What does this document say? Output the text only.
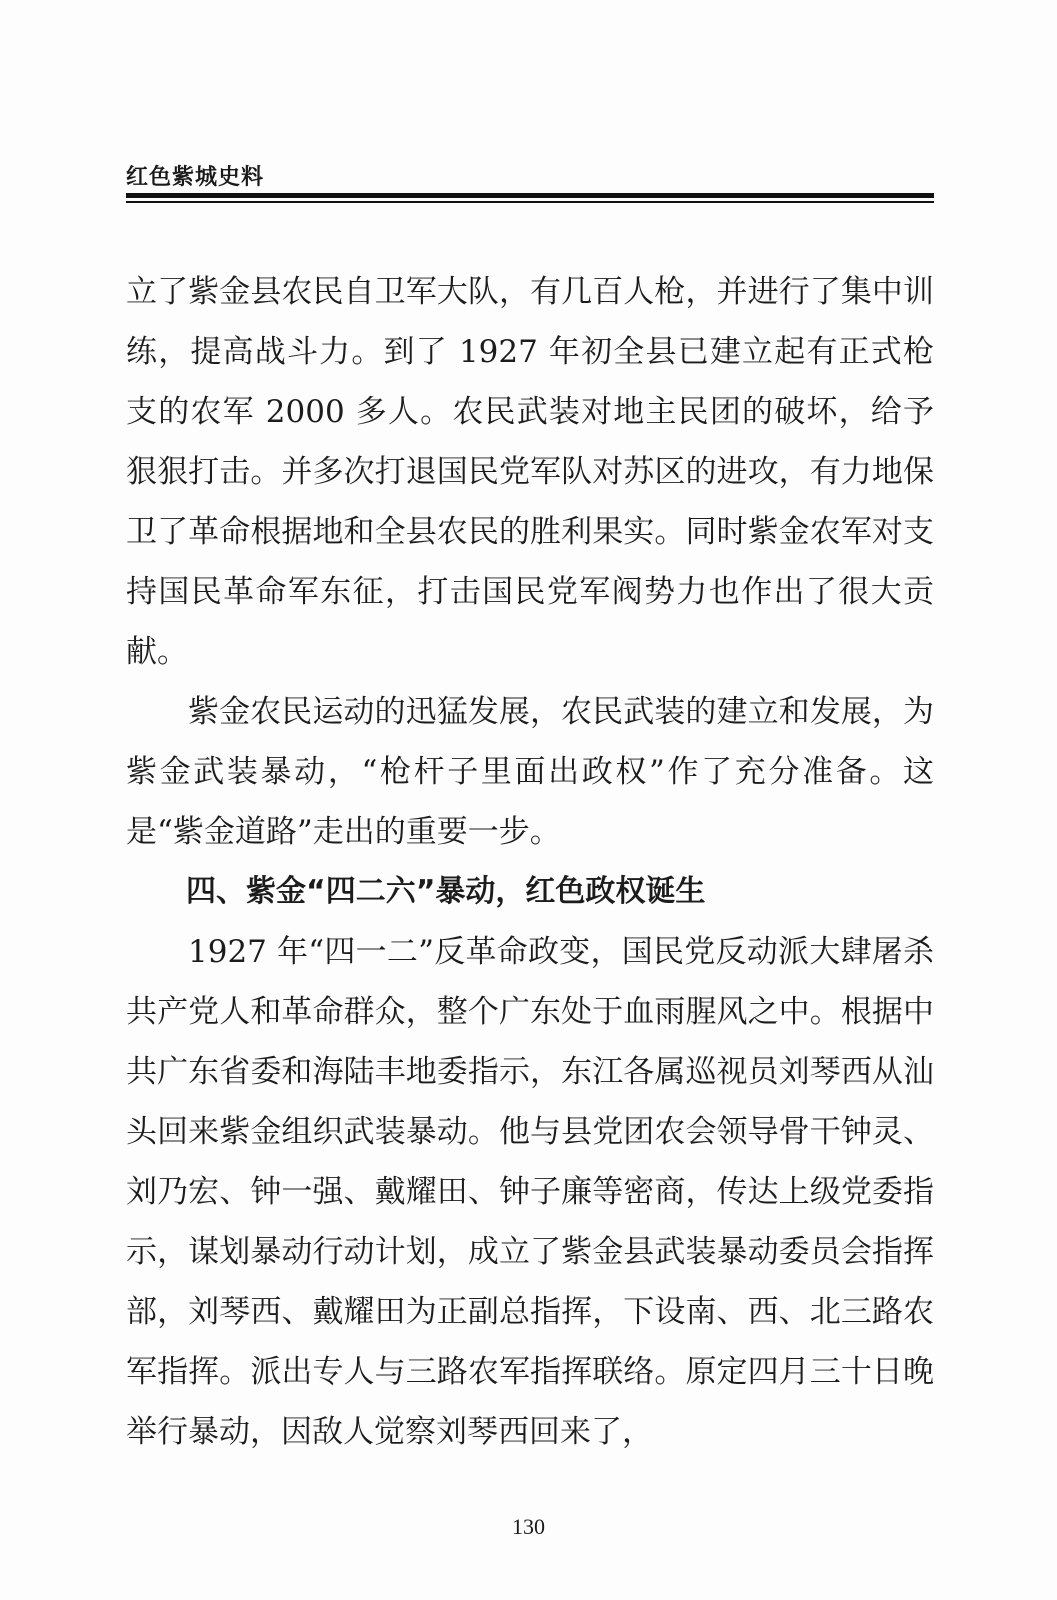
红色紫城史料

立了紫金县农民自卫军大队，有几百人枪，并进行了集中训练，提高战斗力。到了 1927 年初全县已建立起有正式枪支的农军 2000 多人。农民武装对地主民团的破坏，给予狠狠打击。并多次打退国民党军队对苏区的进攻，有力地保卫了革命根据地和全县农民的胜利果实。同时紫金农军对支持国民革命军东征，打击国民党军阀势力也作出了很大贡献。

紫金农民运动的迅猛发展，农民武装的建立和发展，为紫金武装暴动，“枪杆子里面出政权”作了充分准备。这是“紫金道路”走出的重要一步。

四、紫金“四二六”暴动，红色政权诞生

1927 年“四一二”反革命政变，国民党反动派大肆屠杀共产党人和革命群众，整个广东处于血雨腥风之中。根据中共广东省委和海陆丰地委指示，东江各属巡视员刘琴西从汕头回来紫金组织武装暴动。他与县党团农会领导骨干钟灵、刘乃宏、钟一强、戴耀田、钟子廉等密商，传达上级党委指示，谋划暴动行动计划，成立了紫金县武装暴动委员会指挥部，刘琴西、戴耀田为正副总指挥，下设南、西、北三路农军指挥。派出专人与三路农军指挥联络。原定四月三十日晚举行暴动，因敌人觉察刘琴西回来了，

130
